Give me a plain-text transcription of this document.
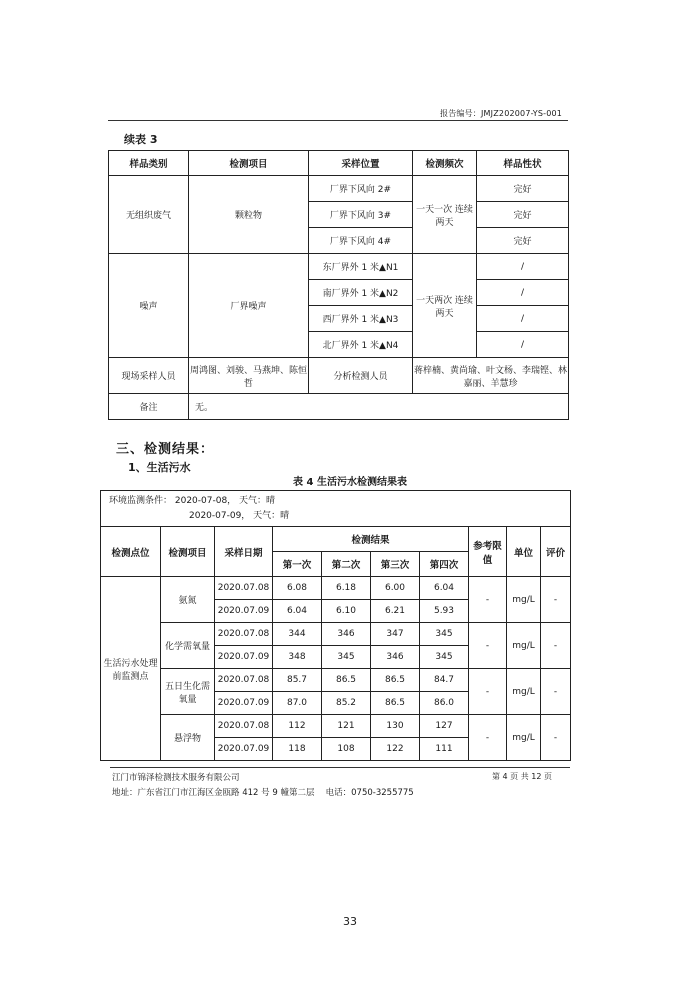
报告编号：JMJZ202007-YS-001
续表 3
样品类别	检测项目	采样位置	检测频次	样品性状
无组织废气	颗粒物	厂界下风向 2#	一天一次 连续两天	完好
		厂界下风向 3#		完好
		厂界下风向 4#		完好
噪声	厂界噪声	东厂界外 1 米▲N1	一天两次 连续两天	/
		南厂界外 1 米▲N2		/
		西厂界外 1 米▲N3		/
		北厂界外 1 米▲N4		/
现场采样人员	周鸿图、刘骏、马燕坤、陈恒哲	分析检测人员	蒋梓楠、黄尚瑜、叶文杨、李瑞铿、林嘉丽、羊慧珍	
备注	无。			
三、检测结果：
1、生活污水
表 4 生活污水检测结果表
环境监测条件： 2020-07-08， 天气：晴
2020-07-09， 天气：晴									

检测点位	检测项目	采样日期	检测结果				参考限值	单位	评价
			第一次	第二次	第三次	第四次			
生活污水处理前监测点	氨氮	2020.07.08	6.08	6.18	6.00	6.04	-	mg/L	-
		2020.07.09	6.04	6.10	6.21	5.93			
	化学需氧量	2020.07.08	344	346	347	345	-	mg/L	-
		2020.07.09	348	345	346	345			
	五日生化需氧量	2020.07.08	85.7	86.5	86.5	84.7	-	mg/L	-
		2020.07.09	87.0	85.2	86.5	86.0			
	悬浮物	2020.07.08	112	121	130	127	-	mg/L	-
		2020.07.09	118	108	122	111			
江门市锦泽检测技术服务有限公司	第 4 页 共 12 页
地址：广东省江门市江海区金瓯路 412 号 9 幢第二层　 电话：0750-3255775
33
